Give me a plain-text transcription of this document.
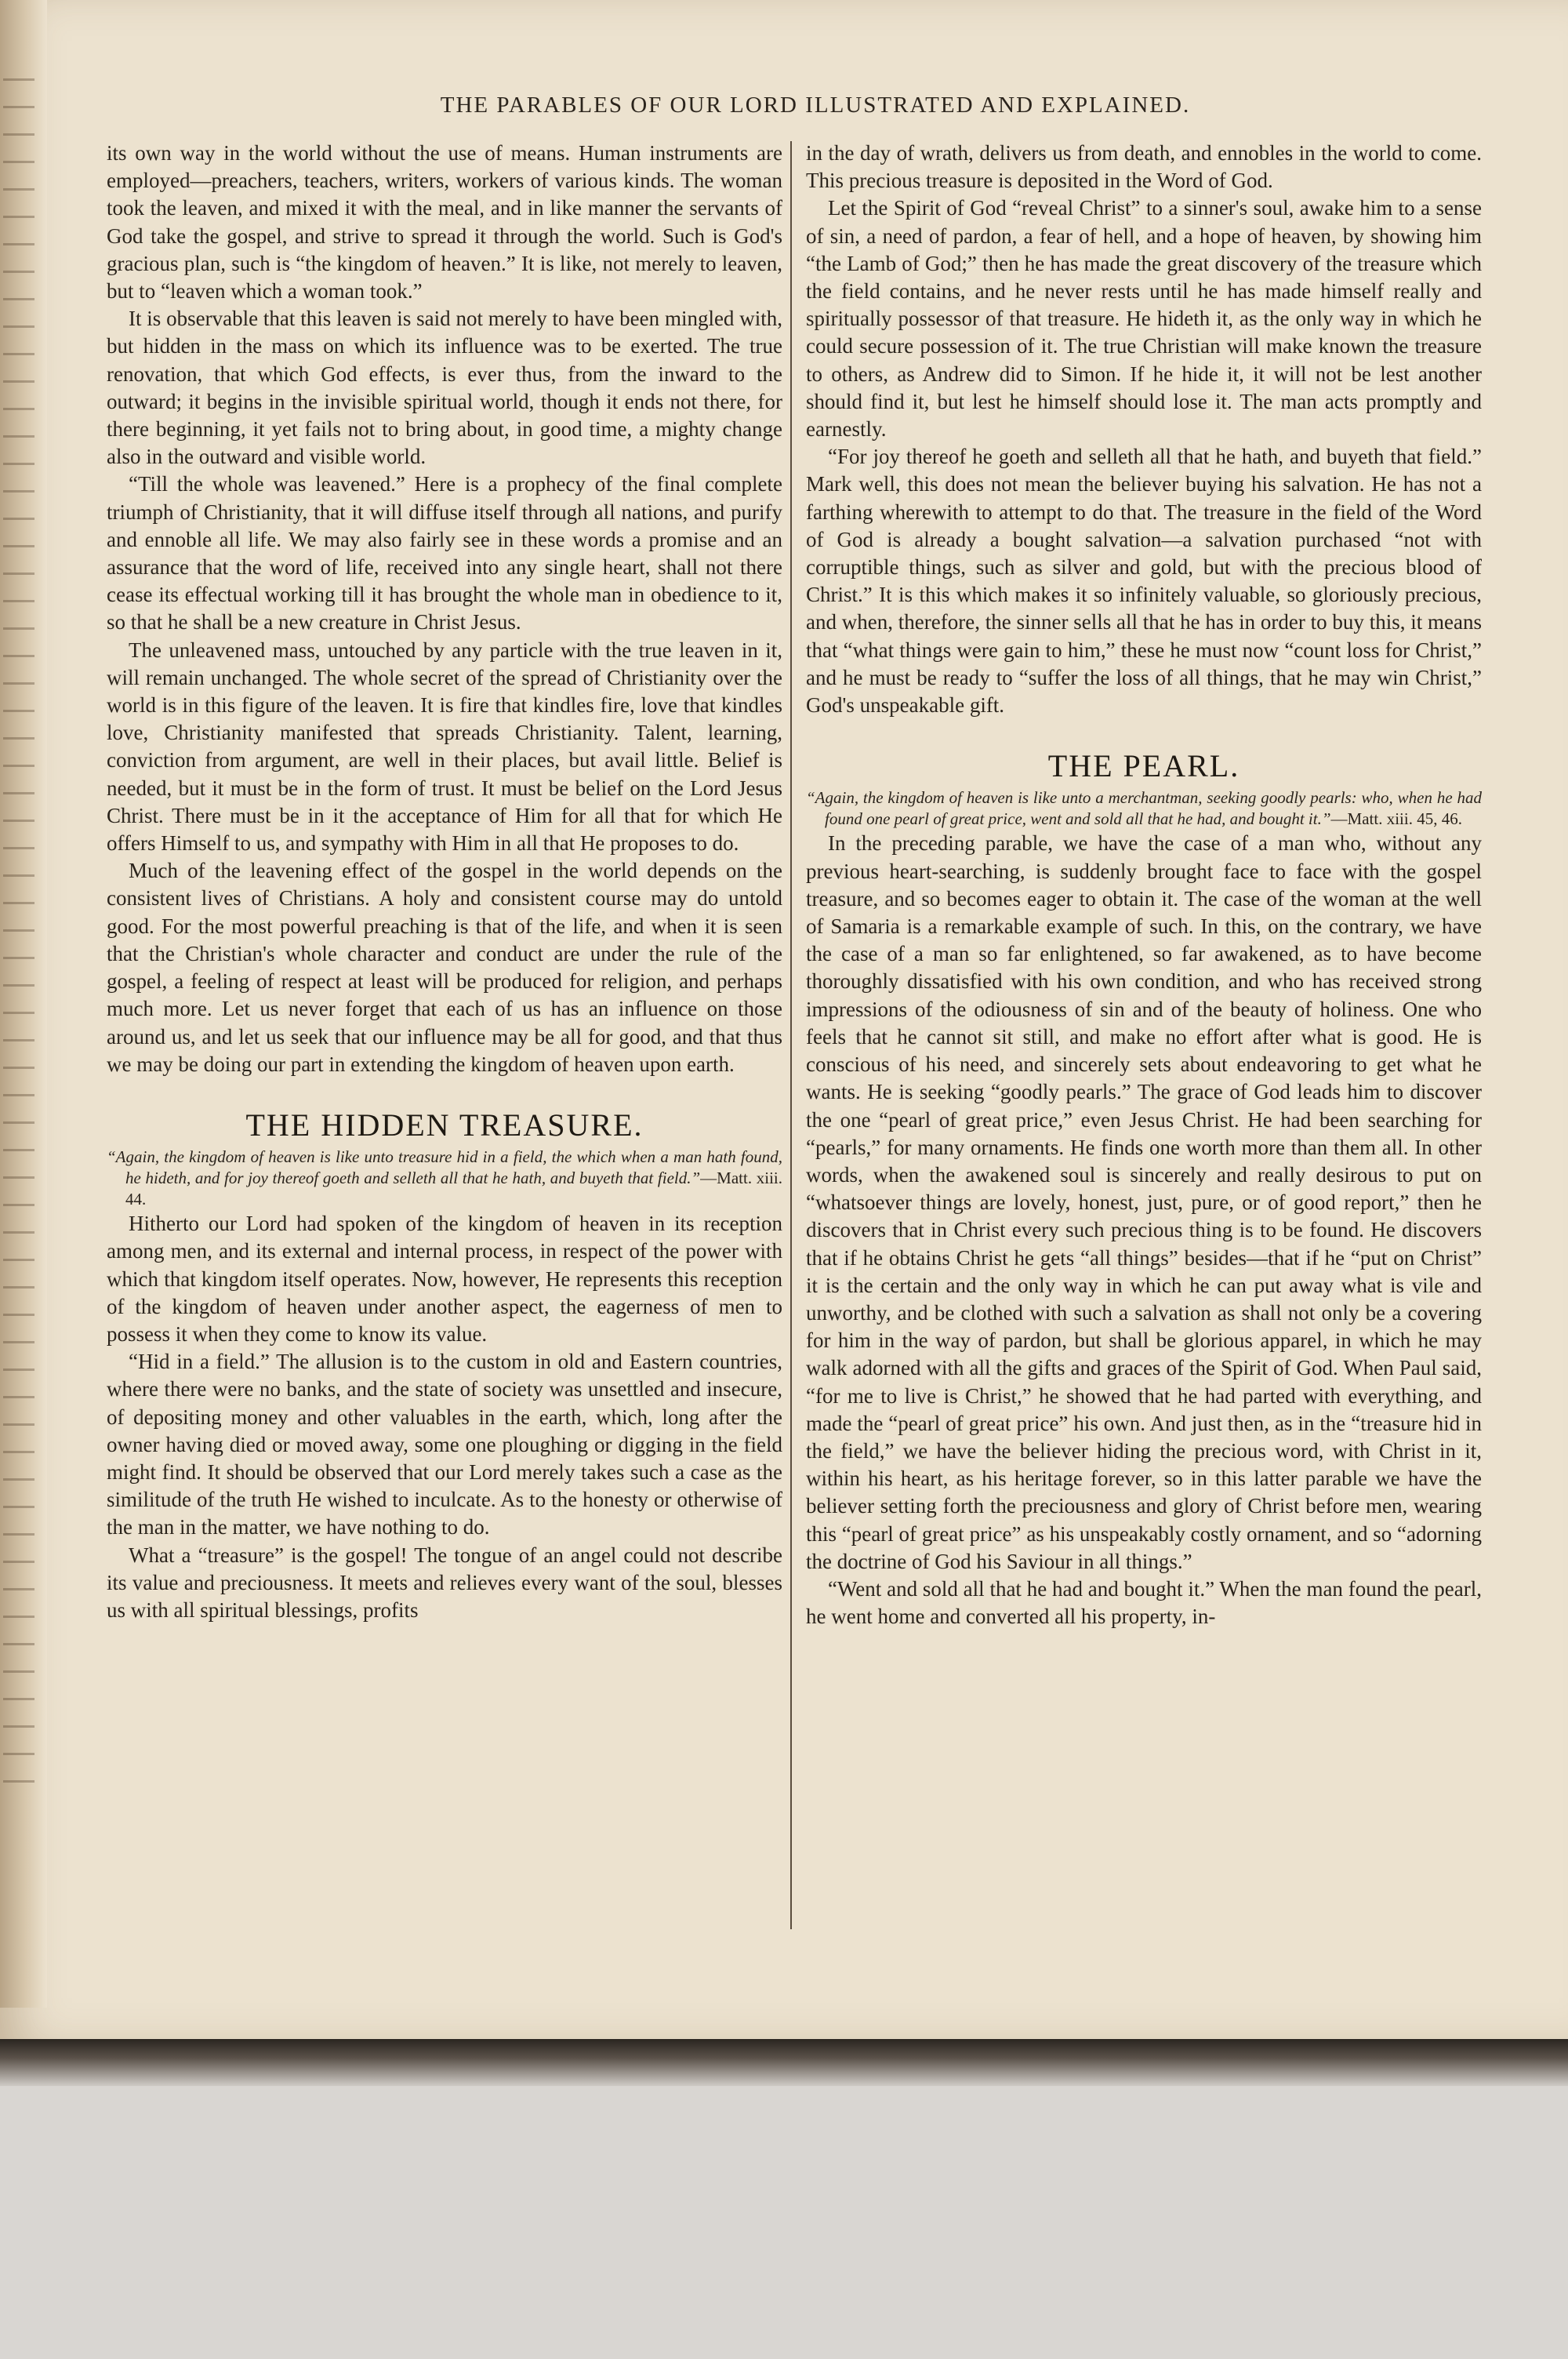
THE PARABLES OF OUR LORD ILLUSTRATED AND EXPLAINED.

its own way in the world without the use of means. Human instruments are employed—preachers, teachers, writers, workers of various kinds. The woman took the leaven, and mixed it with the meal, and in like manner the servants of God take the gospel, and strive to spread it through the world. Such is God's gracious plan, such is “the kingdom of heaven.” It is like, not merely to leaven, but to “leaven which a woman took.”

It is observable that this leaven is said not merely to have been mingled with, but hidden in the mass on which its influence was to be exerted. The true renovation, that which God effects, is ever thus, from the inward to the outward; it begins in the invisible spiritual world, though it ends not there, for there beginning, it yet fails not to bring about, in good time, a mighty change also in the outward and visible world.

“Till the whole was leavened.” Here is a prophecy of the final complete triumph of Christianity, that it will diffuse itself through all nations, and purify and ennoble all life. We may also fairly see in these words a promise and an assurance that the word of life, received into any single heart, shall not there cease its effectual working till it has brought the whole man in obedience to it, so that he shall be a new creature in Christ Jesus.

The unleavened mass, untouched by any particle with the true leaven in it, will remain unchanged. The whole secret of the spread of Christianity over the world is in this figure of the leaven. It is fire that kindles fire, love that kindles love, Christianity manifested that spreads Christianity. Talent, learning, conviction from argument, are well in their places, but avail little. Belief is needed, but it must be in the form of trust. It must be belief on the Lord Jesus Christ. There must be in it the acceptance of Him for all that for which He offers Himself to us, and sympathy with Him in all that He proposes to do.

Much of the leavening effect of the gospel in the world depends on the consistent lives of Christians. A holy and consistent course may do untold good. For the most powerful preaching is that of the life, and when it is seen that the Christian's whole character and conduct are under the rule of the gospel, a feeling of respect at least will be produced for religion, and perhaps much more. Let us never forget that each of us has an influence on those around us, and let us seek that our influence may be all for good, and that thus we may be doing our part in extending the kingdom of heaven upon earth.

THE HIDDEN TREASURE.

“Again, the kingdom of heaven is like unto treasure hid in a field, the which when a man hath found, he hideth, and for joy thereof goeth and selleth all that he hath, and buyeth that field.”—Matt. xiii. 44.

Hitherto our Lord had spoken of the kingdom of heaven in its reception among men, and its external and internal process, in respect of the power with which that kingdom itself operates. Now, however, He represents this reception of the kingdom of heaven under another aspect, the eagerness of men to possess it when they come to know its value.

“Hid in a field.” The allusion is to the custom in old and Eastern countries, where there were no banks, and the state of society was unsettled and insecure, of depositing money and other valuables in the earth, which, long after the owner having died or moved away, some one ploughing or digging in the field might find. It should be observed that our Lord merely takes such a case as the similitude of the truth He wished to inculcate. As to the honesty or otherwise of the man in the matter, we have nothing to do.

What a “treasure” is the gospel! The tongue of an angel could not describe its value and preciousness. It meets and relieves every want of the soul, blesses us with all spiritual blessings, profits

in the day of wrath, delivers us from death, and ennobles in the world to come. This precious treasure is deposited in the Word of God.

Let the Spirit of God “reveal Christ” to a sinner's soul, awake him to a sense of sin, a need of pardon, a fear of hell, and a hope of heaven, by showing him “the Lamb of God;” then he has made the great discovery of the treasure which the field contains, and he never rests until he has made himself really and spiritually possessor of that treasure. He hideth it, as the only way in which he could secure possession of it. The true Christian will make known the treasure to others, as Andrew did to Simon. If he hide it, it will not be lest another should find it, but lest he himself should lose it. The man acts promptly and earnestly.

“For joy thereof he goeth and selleth all that he hath, and buyeth that field.” Mark well, this does not mean the believer buying his salvation. He has not a farthing wherewith to attempt to do that. The treasure in the field of the Word of God is already a bought salvation—a salvation purchased “not with corruptible things, such as silver and gold, but with the precious blood of Christ.” It is this which makes it so infinitely valuable, so gloriously precious, and when, therefore, the sinner sells all that he has in order to buy this, it means that “what things were gain to him,” these he must now “count loss for Christ,” and he must be ready to “suffer the loss of all things, that he may win Christ,” God's unspeakable gift.

THE PEARL.

“Again, the kingdom of heaven is like unto a merchantman, seeking goodly pearls: who, when he had found one pearl of great price, went and sold all that he had, and bought it.”—Matt. xiii. 45, 46.

In the preceding parable, we have the case of a man who, without any previous heart-searching, is suddenly brought face to face with the gospel treasure, and so becomes eager to obtain it. The case of the woman at the well of Samaria is a remarkable example of such. In this, on the contrary, we have the case of a man so far enlightened, so far awakened, as to have become thoroughly dissatisfied with his own condition, and who has received strong impressions of the odiousness of sin and of the beauty of holiness. One who feels that he cannot sit still, and make no effort after what is good. He is conscious of his need, and sincerely sets about endeavoring to get what he wants. He is seeking “goodly pearls.” The grace of God leads him to discover the one “pearl of great price,” even Jesus Christ. He had been searching for “pearls,” for many ornaments. He finds one worth more than them all. In other words, when the awakened soul is sincerely and really desirous to put on “whatsoever things are lovely, honest, just, pure, or of good report,” then he discovers that in Christ every such precious thing is to be found. He discovers that if he obtains Christ he gets “all things” besides—that if he “put on Christ” it is the certain and the only way in which he can put away what is vile and unworthy, and be clothed with such a salvation as shall not only be a covering for him in the way of pardon, but shall be glorious apparel, in which he may walk adorned with all the gifts and graces of the Spirit of God. When Paul said, “for me to live is Christ,” he showed that he had parted with everything, and made the “pearl of great price” his own. And just then, as in the “treasure hid in the field,” we have the believer hiding the precious word, with Christ in it, within his heart, as his heritage forever, so in this latter parable we have the believer setting forth the preciousness and glory of Christ before men, wearing this “pearl of great price” as his unspeakably costly ornament, and so “adorning the doctrine of God his Saviour in all things.”

“Went and sold all that he had and bought it.” When the man found the pearl, he went home and converted all his property, in-
